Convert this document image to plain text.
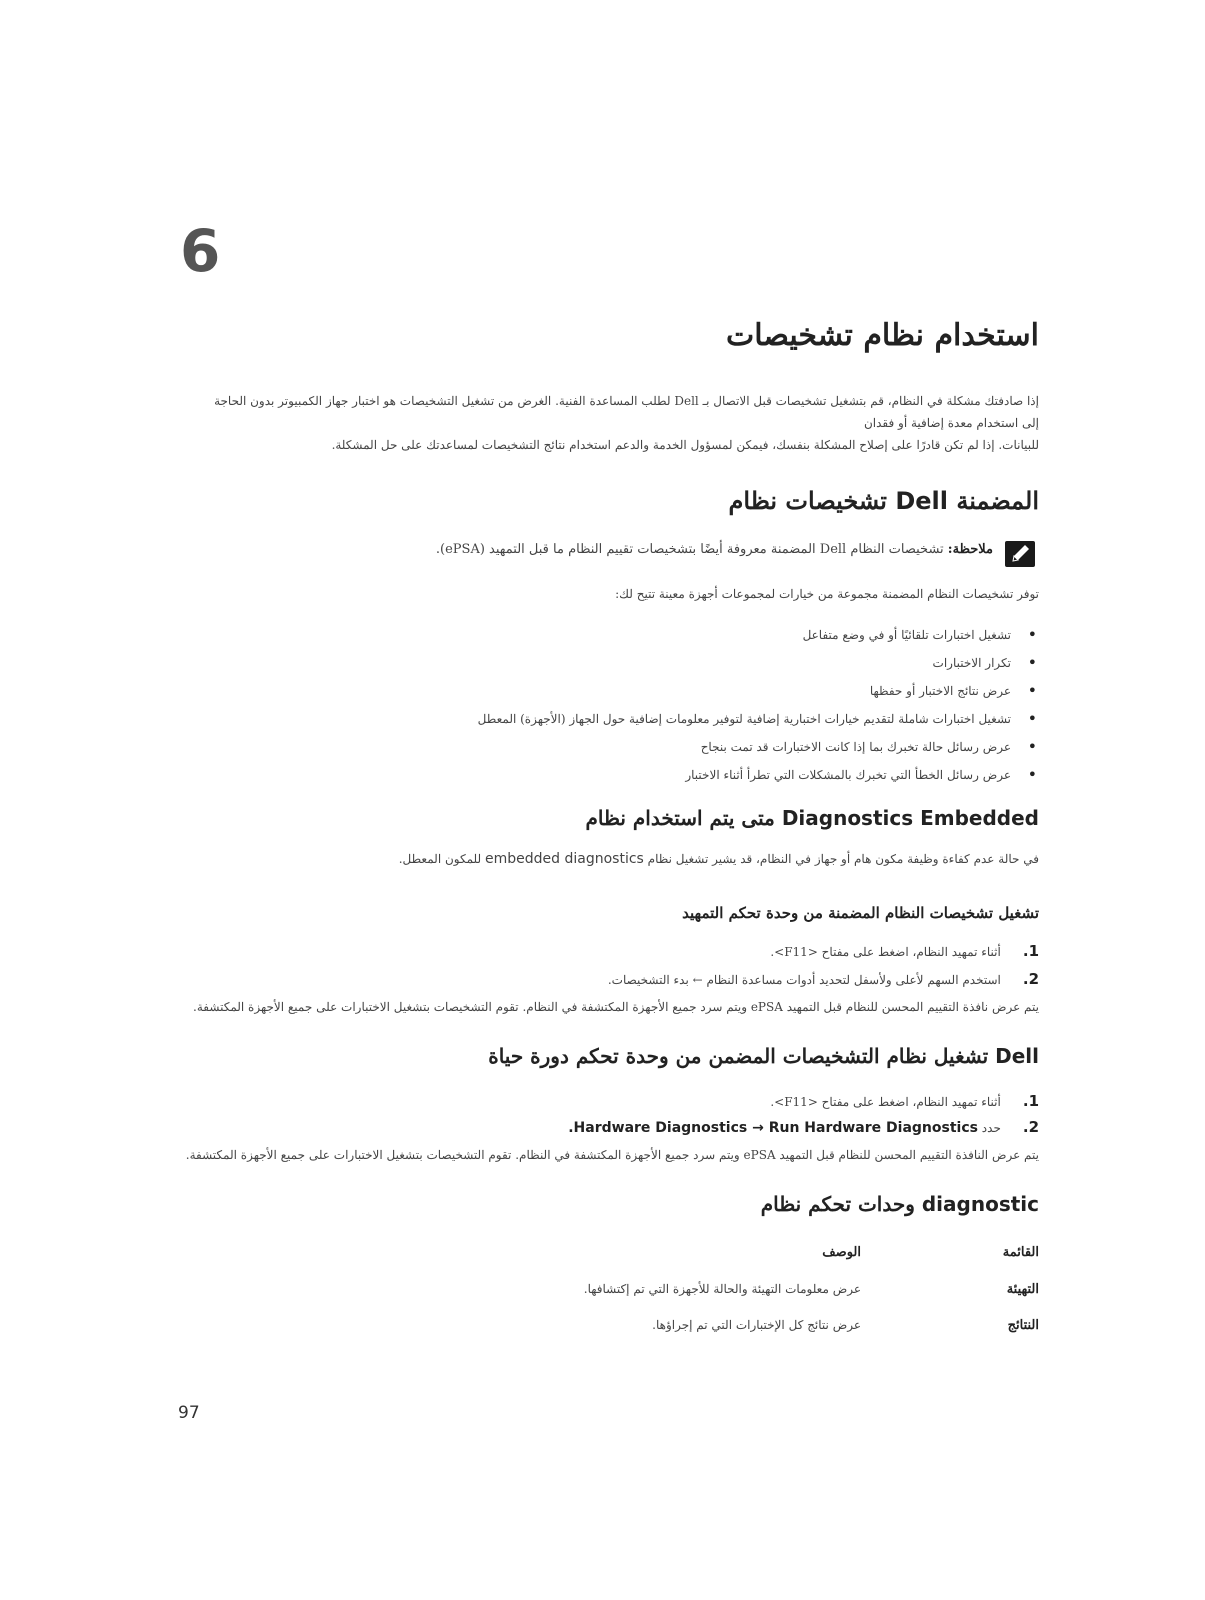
6
استخدام نظام تشخيصات
إذا صادفتك مشكلة في النظام، قم بتشغيل تشخيصات قبل الاتصال بـ Dell لطلب المساعدة الفنية. الغرض من تشغيل التشخيصات هو اختبار جهاز الكمبيوتر بدون الحاجة إلى استخدام معدة إضافية أو فقدان
للبيانات. إذا لم تكن قادرًا على إصلاح المشكلة بنفسك، فيمكن لمسؤول الخدمة والدعم استخدام نتائج التشخيصات لمساعدتك على حل المشكلة.
المضمنة Dell تشخيصات نظام
ملاحظة: تشخيصات النظام Dell المضمنة معروفة أيضًا بتشخيصات تقييم النظام ما قبل التمهيد (ePSA).
توفر تشخيصات النظام المضمنة مجموعة من خيارات لمجموعات أجهزة معينة تتيح لك:
• تشغيل اختبارات تلقائيًا أو في وضع متفاعل
• تكرار الاختبارات
• عرض نتائج الاختبار أو حفظها
• تشغيل اختبارات شاملة لتقديم خيارات اختبارية إضافية لتوفير معلومات إضافية حول الجهاز (الأجهزة) المعطل
• عرض رسائل حالة تخبرك بما إذا كانت الاختبارات قد تمت بنجاح
• عرض رسائل الخطأ التي تخبرك بالمشكلات التي تطرأ أثناء الاختبار
Diagnostics Embedded متى يتم استخدام نظام
في حالة عدم كفاءة وظيفة مكون هام أو جهاز في النظام، قد يشير تشغيل نظام embedded diagnostics للمكون المعطل.
تشغيل تشخيصات النظام المضمنة من وحدة تحكم التمهيد
1.أثناء تمهيد النظام، اضغط على مفتاح <F11>.
2.استخدم السهم لأعلى ولأسفل لتحديد أدوات مساعدة النظام ← بدء التشخيصات.
يتم عرض نافذة التقييم المحسن للنظام قبل التمهيد ePSA ويتم سرد جميع الأجهزة المكتشفة في النظام. تقوم التشخيصات بتشغيل الاختبارات على جميع الأجهزة المكتشفة.
Dell تشغيل نظام التشخيصات المضمن من وحدة تحكم دورة حياة
1.أثناء تمهيد النظام، اضغط على مفتاح <F11>.
2.حدد Hardware Diagnostics → Run Hardware Diagnostics.
يتم عرض النافذة التقييم المحسن للنظام قبل التمهيد ePSA ويتم سرد جميع الأجهزة المكتشفة في النظام. تقوم التشخيصات بتشغيل الاختبارات على جميع الأجهزة المكتشفة.
diagnostic وحدات تحكم نظام
القائمة
الوصف
التهيئة
عرض معلومات التهيئة والحالة للأجهزة التي تم إكتشافها.
النتائج
عرض نتائج كل الإختبارات التي تم إجراؤها.
97
